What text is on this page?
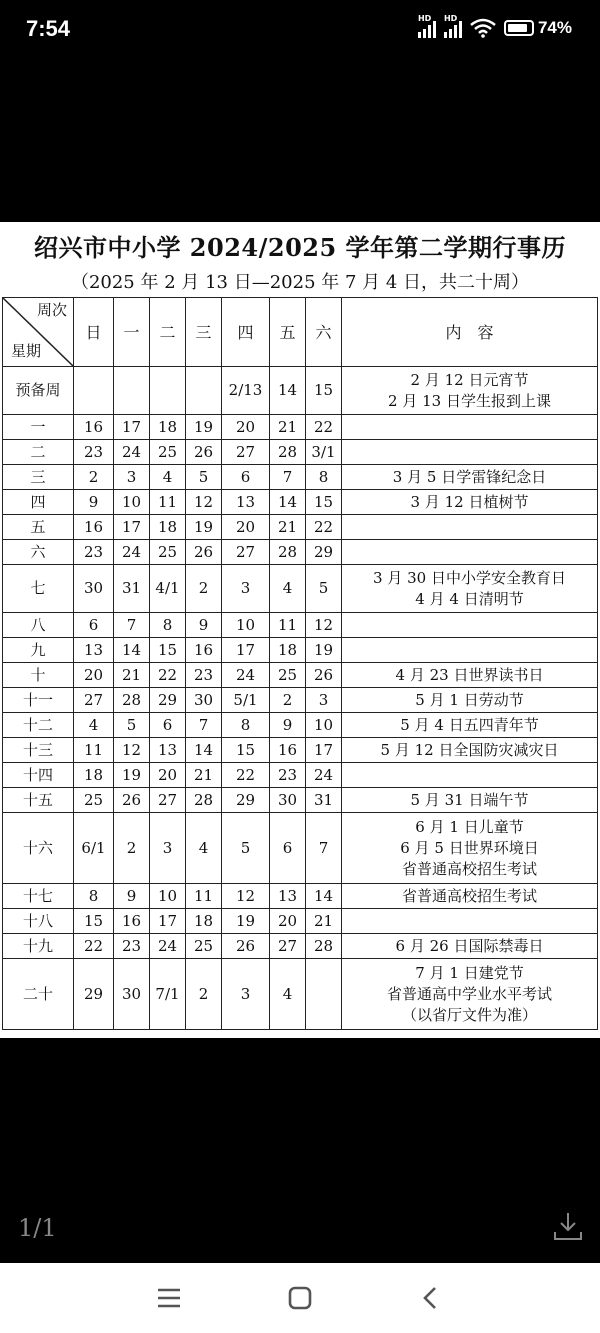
7:54	HD HD	74%
绍兴市中小学 2024/2025 学年第二学期行事历
（2025 年 2 月 13 日—2025 年 7 月 4 日，共二十周）
周次
星期	日	一	二	三	四	五	六	内　容
预备周					2/13	14	15	2 月 12 日元宵节
2 月 13 日学生报到上课

一	16	17	18	19	20	21	22	
二	23	24	25	26	27	28	3/1	
三	2	3	4	5	6	7	8	3 月 5 日学雷锋纪念日

四	9	10	11	12	13	14	15	3 月 12 日植树节

五	16	17	18	19	20	21	22	
六	23	24	25	26	27	28	29	
七	30	31	4/1	2	3	4	5	3 月 30 日中小学安全教育日
4 月 4 日清明节

八	6	7	8	9	10	11	12	
九	13	14	15	16	17	18	19	
十	20	21	22	23	24	25	26	4 月 23 日世界读书日

十一	27	28	29	30	5/1	2	3	5 月 1 日劳动节

十二	4	5	6	7	8	9	10	5 月 4 日五四青年节

十三	11	12	13	14	15	16	17	5 月 12 日全国防灾减灾日

十四	18	19	20	21	22	23	24	
十五	25	26	27	28	29	30	31	5 月 31 日端午节

十六	6/1	2	3	4	5	6	7	6 月 1 日儿童节
6 月 5 日世界环境日
省普通高校招生考试

十七	8	9	10	11	12	13	14	省普通高校招生考试

十八	15	16	17	18	19	20	21	
十九	22	23	24	25	26	27	28	6 月 26 日国际禁毒日

二十	29	30	7/1	2	3	4		7 月 1 日建党节
省普通高中学业水平考试
（以省厅文件为准）
1/1
